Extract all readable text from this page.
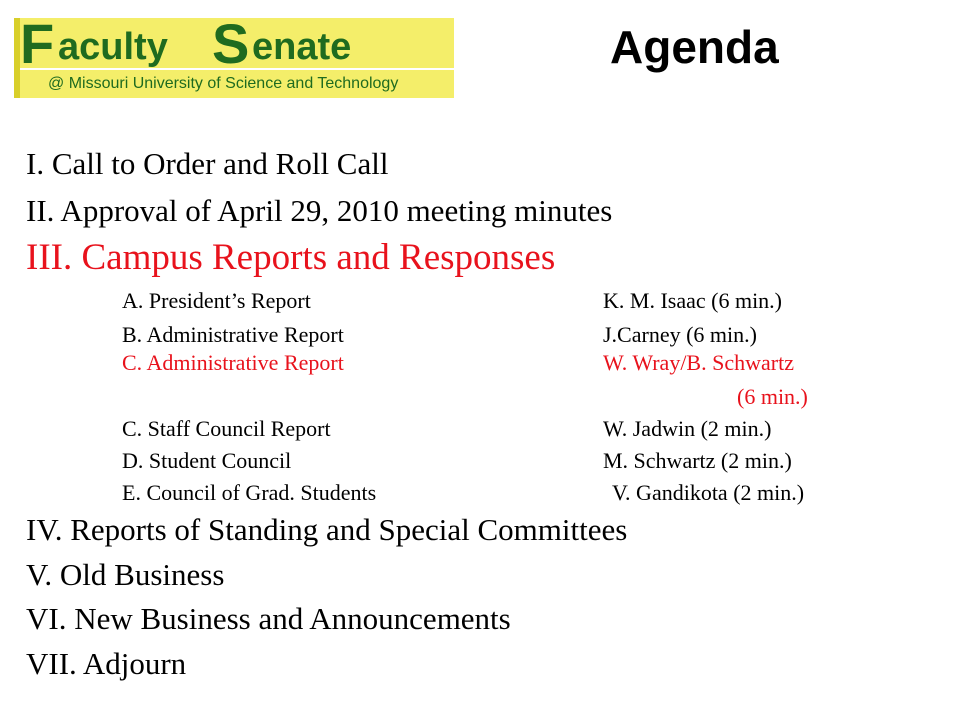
F aculty S enate
@ Missouri University of Science and Technology
Agenda
I. Call to Order and Roll Call
II. Approval of April 29, 2010 meeting minutes
III. Campus Reports and Responses
A. President’s Report	K. M. Isaac (6 min.)
B. Administrative Report	J.Carney (6 min.)
C. Administrative Report	W. Wray/B. Schwartz
(6 min.)
C. Staff Council Report	W. Jadwin (2 min.)
D. Student Council	M. Schwartz (2 min.)
E. Council of Grad. Students	V. Gandikota (2 min.)
IV. Reports of Standing and Special Committees
V. Old Business
VI. New Business and Announcements
VII. Adjourn
